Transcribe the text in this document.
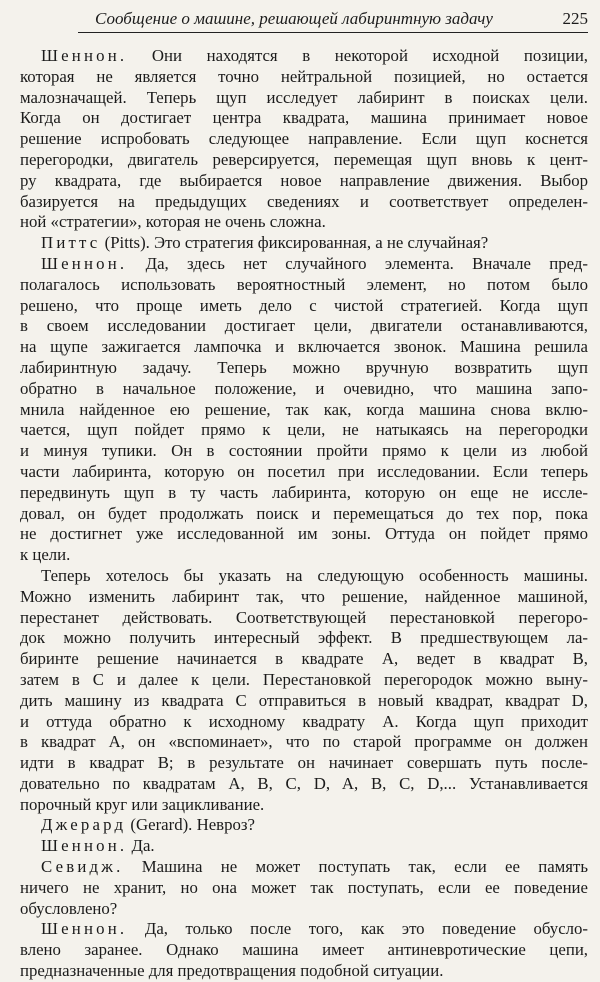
Сообщение о машине, решающей лабиринтную задачу	225
Шеннон. Они находятся в некоторой исходной позиции,
которая не является точно нейтральной позицией, но остается
малозначащей. Теперь щуп исследует лабиринт в поисках цели.
Когда он достигает центра квадрата, машина принимает новое
решение испробовать следующее направление. Если щуп коснется
перегородки, двигатель реверсируется, перемещая щуп вновь к цент-
ру квадрата, где выбирается новое направление движения. Выбор
базируется на предыдущих сведениях и соответствует определен-
ной «стратегии», которая не очень сложна.
Питтс (Pitts). Это стратегия фиксированная, а не случайная?
Шеннон. Да, здесь нет случайного элемента. Вначале пред-
полагалось использовать вероятностный элемент, но потом было
решено, что проще иметь дело с чистой стратегией. Когда щуп
в своем исследовании достигает цели, двигатели останавливаются,
на щупе зажигается лампочка и включается звонок. Машина решила
лабиринтную задачу. Теперь можно вручную возвратить щуп
обратно в начальное положение, и очевидно, что машина запо-
мнила найденное ею решение, так как, когда машина снова вклю-
чается, щуп пойдет прямо к цели, не натыкаясь на перегородки
и минуя тупики. Он в состоянии пройти прямо к цели из любой
части лабиринта, которую он посетил при исследовании. Если теперь
передвинуть щуп в ту часть лабиринта, которую он еще не иссле-
довал, он будет продолжать поиск и перемещаться до тех пор, пока
не достигнет уже исследованной им зоны. Оттуда он пойдет прямо
к цели.
Теперь хотелось бы указать на следующую особенность машины.
Можно изменить лабиринт так, что решение, найденное машиной,
перестанет действовать. Соответствующей перестановкой перегоро-
док можно получить интересный эффект. В предшествующем ла-
биринте решение начинается в квадрате A, ведет в квадрат B,
затем в C и далее к цели. Перестановкой перегородок можно выну-
дить машину из квадрата C отправиться в новый квадрат, квадрат D,
и оттуда обратно к исходному квадрату A. Когда щуп приходит
в квадрат A, он «вспоминает», что по старой программе он должен
идти в квадрат B; в результате он начинает совершать путь после-
довательно по квадратам A, B, C, D, A, B, C, D,... Устанавливается
порочный круг или зацикливание.
Джерард (Gerard). Невроз?
Шеннон. Да.
Севидж. Машина не может поступать так, если ее память
ничего не хранит, но она может так поступать, если ее поведение
обусловлено?
Шеннон. Да, только после того, как это поведение обусло-
влено заранее. Однако машина имеет антиневротические цепи,
предназначенные для предотвращения подобной ситуации.
